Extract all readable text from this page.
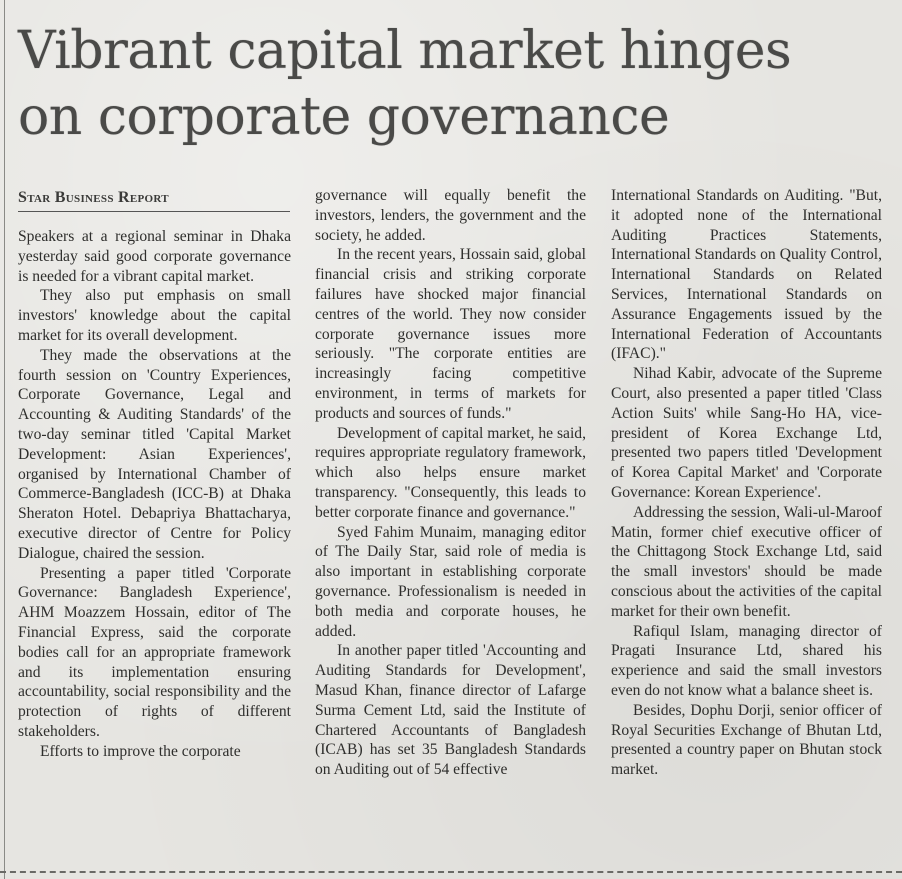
Vibrant capital market hinges
on corporate governance
Star Business Report

Speakers at a regional seminar in Dhaka yesterday said good corporate governance is needed for a vibrant capital market.

They also put emphasis on small investors' knowledge about the capital market for its overall development.

They made the observations at the fourth session on 'Country Experiences, Corporate Governance, Legal and Accounting & Auditing Standards' of the two-day seminar titled 'Capital Market Development: Asian Experiences', organised by International Chamber of Commerce-Bangladesh (ICC-B) at Dhaka Sheraton Hotel. Debapriya Bhattacharya, executive director of Centre for Policy Dialogue, chaired the session.

Presenting a paper titled 'Corporate Governance: Bangladesh Experience', AHM Moazzem Hossain, editor of The Financial Express, said the corporate bodies call for an appropriate framework and its implementation ensuring accountability, social responsibility and the protection of rights of different stakeholders.

Efforts to improve the corporate

governance will equally benefit the investors, lenders, the government and the society, he added.

In the recent years, Hossain said, global financial crisis and striking corporate failures have shocked major financial centres of the world. They now consider corporate governance issues more seriously. "The corporate entities are increasingly facing competitive environment, in terms of markets for products and sources of funds."

Development of capital market, he said, requires appropriate regulatory framework, which also helps ensure market transparency. "Consequently, this leads to better corporate finance and governance."

Syed Fahim Munaim, managing editor of The Daily Star, said role of media is also important in establishing corporate governance. Professionalism is needed in both media and corporate houses, he added.

In another paper titled 'Accounting and Auditing Standards for Development', Masud Khan, finance director of Lafarge Surma Cement Ltd, said the Institute of Chartered Accountants of Bangladesh (ICAB) has set 35 Bangladesh Standards on Auditing out of 54 effective

International Standards on Auditing. "But, it adopted none of the International Auditing Practices Statements, International Standards on Quality Control, International Standards on Related Services, International Standards on Assurance Engagements issued by the International Federation of Accountants (IFAC)."

Nihad Kabir, advocate of the Supreme Court, also presented a paper titled 'Class Action Suits' while Sang-Ho HA, vice-president of Korea Exchange Ltd, presented two papers titled 'Development of Korea Capital Market' and 'Corporate Governance: Korean Experience'.

Addressing the session, Wali-ul-Maroof Matin, former chief executive officer of the Chittagong Stock Exchange Ltd, said the small investors' should be made conscious about the activities of the capital market for their own benefit.

Rafiqul Islam, managing director of Pragati Insurance Ltd, shared his experience and said the small investors even do not know what a balance sheet is.

Besides, Dophu Dorji, senior officer of Royal Securities Exchange of Bhutan Ltd, presented a country paper on Bhutan stock market.
